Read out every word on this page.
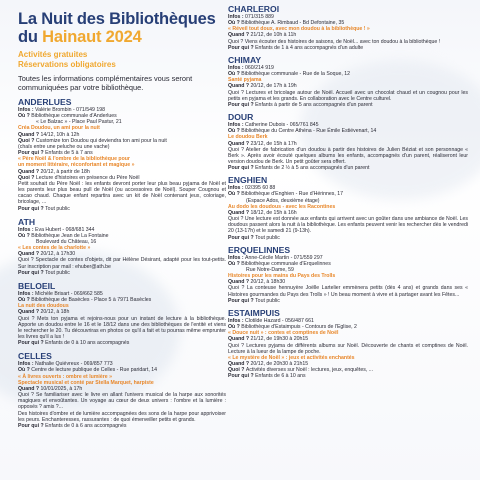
La Nuit des Bibliothèques
du Hainaut 2024
Activités gratuites
Réservations obligatoires
Toutes les informations complémentaires vous seront communiquées par votre bibliothèque.
ANDERLUES
Infos : Valérie Brombin - 071/549 198
Où ? Bibliothèque communale d'Anderlues
« Le Balzac » - Place Paul Pastur, 21
Créa Doudou, un ami pour la nuit
Quand ? 14/12, 10h à 12h
Quoi ? Customize ton Doudou qui deviendra ton ami pour la nuit
(chaïs entre une peluche ou une vache)
Pour qui ? Enfants de 5 à 7 ans
« Père Noël & l'ombre de la bibliothèque pour
un moment littéraire, réconfortant et magique »
Quand ? 20/12, à partir de 18h
Quoi ? Lecture d'histoires en présence du Père Noël
Petit souhait du Père Noël : les enfants devront porter leur plus beau pyjama de Noël et les parents leur plus beau pull de Noël (ou accessoires de Noël). Souper Cougnou et cacao chaud. Chaque enfant repartira avec un kit de Noël contenant jeux, coloriage, bricolage, ...
Pour qui ? Tout public
ATH
Infos : Eva Hubert - 068/681 344
Où ? Bibliothèque Jean de La Fontaine
Boulevard du Château, 16
« Les contes de la charlotte »
Quand ? 20/12, à 17h30
Quoi ? Spectacle de contes d'objets, dit par Hélène Désirant, adapté pour les tout-petits. Sur inscription par mail : ehuber@ath.be
Pour qui ? Tout public
BELOEIL
Infos : Michèle Brisart - 069/662 585
Où ? Bibliothèque de Basècles - Place 5 à 7971 Basècles
La nuit des doudous
Quand ? 20/12, à 18h
Quoi ? Mets ton pyjama et rejoins-nous pour un instant de lecture à la bibliothèque. Apporte un doudou entre le 16 et le 18/12 dans une des bibliothèques de l'entité et viens le rechercher le 20. Tu découvriras en photos ce qu'il a fait et tu pourras même emprunter les livres qu'il a lus !
Pour qui ? Enfants de 0 à 10 ans accompagnés
CELLES
Infos : Nathalie Quiévreux - 069/857 773
Où ? Centre de lecture publique de Celles - Rue paridart, 14
« À livres ouverts : ombre et lumière »
Spectacle musical et conté par Stella Marquet, harpiste
Quand ? 10/01/2025, à 17h
Quoi ? Se familiariser avec le livre en allant l'univers musical de la harpe aux sonorités magiques et envoûtantes. Un voyage au cœur de deux univers : l'ombre et la lumière : opposés ? amis ?...
Des histoires d'ombre et de lumière accompagnées des sons de la harpe pour apprivoiser les peurs. Enchanteresses, rassurantes : de quoi émerveiller petits et grands.
Pour qui ? Enfants de 0 à 6 ans accompagnés
CHARLEROI
Infos : 071/315 889
Où ? Bibliothèque A. Rimbaud - Bd Defontaine, 35
« Réveil tout doux, avec mon doudou à la bibliothèque ! »
Quand ? 21/12, de 10h à 11h
Quoi ? Viens écouter des histoires de saisons, de Noël... avec ton doudou à la bibliothèque !
Pour qui ? Enfants de 1 à 4 ans accompagnés d'un adulte
CHIMAY
Infos : 060/214 919
Où ? Bibliothèque communale - Rue de la Soque, 12
Santé pyjama
Quand ? 20/12, de 17h à 19h
Quoi ? Lectures et bricolage autour de Noël. Accueil avec un chocolat chaud et un cougnou pour les petits en pyjama et les grands. En collaboration avec le Centre culturel.
Pour qui ? Enfants à partir de 5 ans accompagnés d'un parent
DOUR
Infos : Catherine Dubois - 065/761 845
Où ? Bibliothèque du Centre Athéna - Rue Émile Estiévenart, 14
Le doudou Berk
Quand ? 23/12, de 15h à 17h
Quoi ? Atelier de fabrication d'un doudou à partir des histoires de Julien Béziat et son personnage « Berk ». Après avoir écouté quelques albums les enfants, accompagnés d'un parent, réaliseront leur version doudou de Berk. Un petit goûter sera offert.
Pour qui ? Enfants de 2 ½ à 5 ans accompagnés d'un parent
ENGHIEN
Infos : 02/395 60 88
Où ? Bibliothèque d'Enghien - Rue d'Hérinnes, 17
(Espace Ados, deuxième étage)
Au dodo les doudous - avec les Racontines
Quand ? 18/12, de 15h à 16h
Quoi ? Une lecture est donnée aux enfants qui arrivent avec un goûter dans une ambiance de Noël. Les doudous passent alors la nuit à la bibliothèque. Les enfants peuvent venir les rechercher dès le vendredi 20 (13-17h) et le samedi 21 (9-13h).
Pour qui ? Tout public
ERQUELINNES
Infos : Anne-Cécile Martin - 071/559 297
Où ? Bibliothèque communale d'Erquelinnes
Rue Notre-Dame, 59
Histoires pour les mains du Pays des Trolls
Quand ? 20/12, à 18h30
Quoi ? La conteuse hennuyère Joëlle Lartelier emmènera petits (dès 4 ans) et grands dans ses « Histoires gourmandes du Pays des Trolls » ! Un beau moment à vivre et à partager avant les Fêtes...
Pour qui ? Tout public
ESTAIMPUIS
Infos : Clotilde Hazard - 056/487 661
Où ? Bibliothèque d'Estaimpuis - Contours de l'Eglise, 2
« Douce nuit » : contes et comptines de Noël
Quand ? 21/12, de 19h30 à 20h15
Quoi ? Lectures pyjama de différents albums sur Noël. Découverte de chants et comptines de Noël. Lecture à la lueur de la lampe de poche.
« Le mystère de Noël » : jeux et activités enchantés
Quand ? 20/12, de 20h30 à 21h15
Quoi ? Activités diverses sur Noël : lectures, jeux, enquêtes, ...
Pour qui ? Enfants de 6 à 10 ans
